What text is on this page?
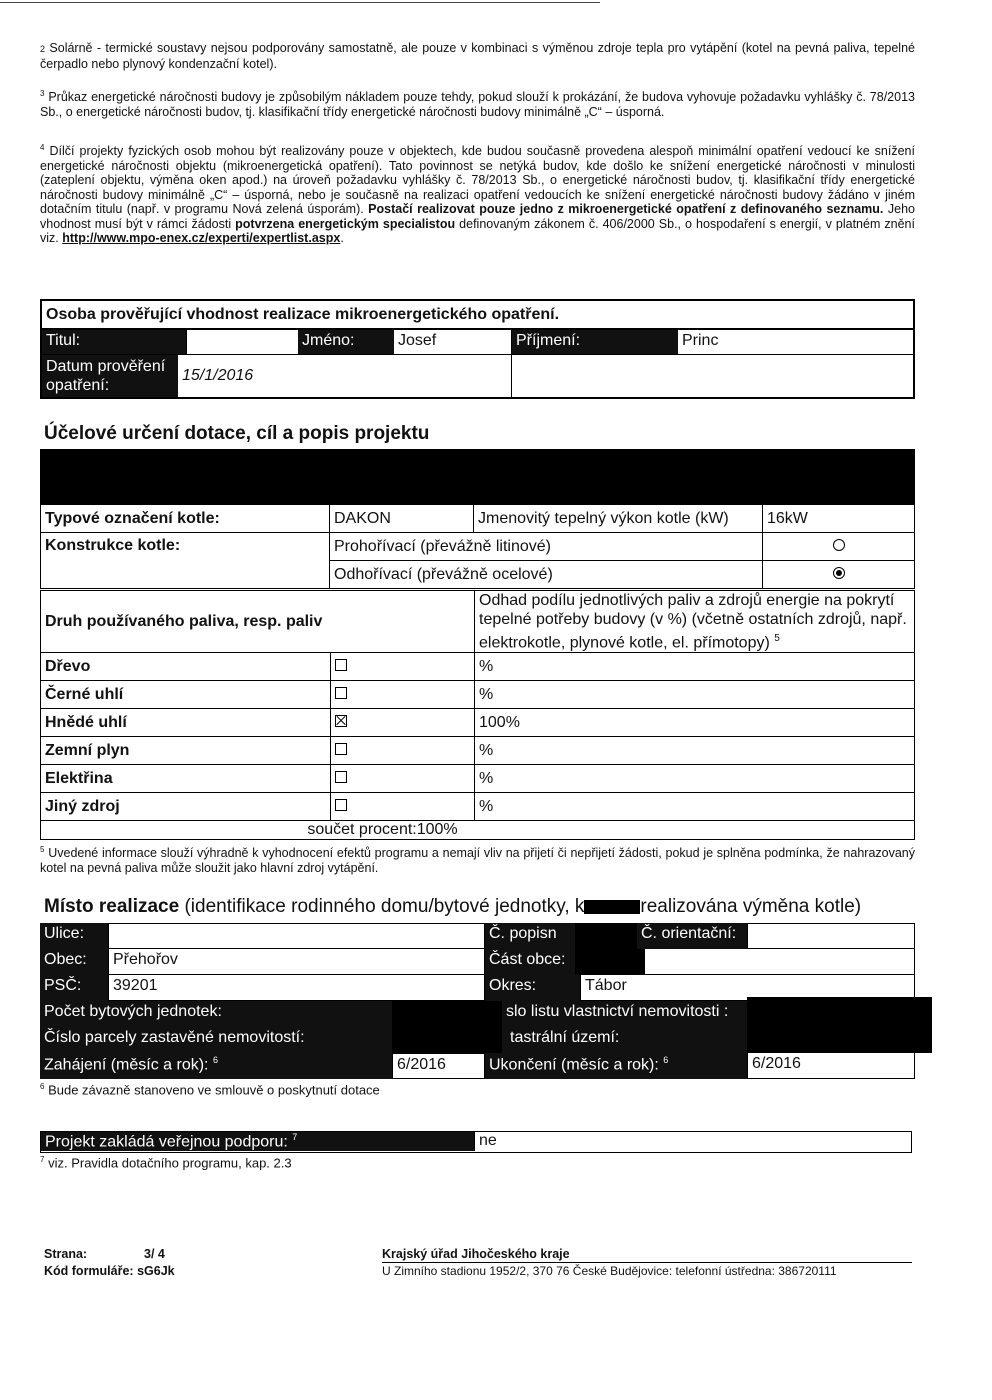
2 Solárně - termické soustavy nejsou podporovány samostatně, ale pouze v kombinaci s výměnou zdroje tepla pro vytápění (kotel na pevná paliva, tepelné čerpadlo nebo plynový kondenzační kotel).
$^3$ Průkaz energetické náročnosti budovy je způsobilým nákladem pouze tehdy, pokud slouží k prokázání, že budova vyhovuje požadavku vyhlášky č. 78/2013 Sb., o energetické náročnosti budov, tj. klasifikační třídy energetické náročnosti budovy minimálně „C“ – úsporná.
$^4$ Dílčí projekty fyzických osob mohou být realizovány pouze v objektech, kde budou současně provedena alespoň minimální opatření vedoucí ke snížení energetické náročnosti objektu (mikroenergetická opatření). Tato povinnost se netýká budov, kde došlo ke snížení energetické náročnosti v minulosti (zateplení objektu, výměna oken apod.) na úroveň požadavku vyhlášky č. 78/2013 Sb., o energetické náročnosti budov, tj. klasifikační třídy energetické náročnosti budovy minimálně „C“ – úsporná, nebo je současně na realizaci opatření vedoucích ke snížení energetické náročnosti budovy žádáno v jiném dotačním titulu (např. v programu Nová zelená úsporám). Postačí realizovat pouze jedno z mikroenergetické opatření z definovaného seznamu. Jeho vhodnost musí být v rámci žádosti potvrzena energetickým specialistou definovaným zákonem č. 406/2000 Sb., o hospodaření s energií, v platném znění viz. http://www.mpo-enex.cz/experti/expertlist.aspx.
Osoba prověřující vhodnost realizace mikroenergetického opatření.
Titul:	Jméno:	Josef	Příjmení:	Princ
Datum prověření opatření:
15/1/2016
Účelové určení dotace, cíl a popis projektu
Typové označení kotle:	DAKON	Jmenovitý tepelný výkon kotle (kW)	16kW
Konstrukce kotle:	Prohořívací (převážně litinové)		
	Odhořívací (převážně ocelové)		
Druh používaného paliva, resp. paliv		Odhad podílu jednotlivých paliv a zdrojů energie na pokrytí tepelné potřeby budovy (v %) (včetně ostatních zdrojů, např. elektrokotle, plynové kotle, el. přímotopy) $^5$
Dřevo		%
Černé uhlí		%
Hnědé uhlí		100%
Zemní plyn		%
Elektřina		%
Jiný zdroj		%
součet procent:100%		
$^5$ Uvedené informace slouží výhradně k vyhodnocení efektů programu a nemají vliv na přijetí či nepřijetí žádosti, pokud je splněna podmínka, že nahrazovaný kotel na pevná paliva může sloužit jako hlavní zdroj vytápění.
Místo realizace (identifikace rodinného domu/bytové jednotky, k	realizována výměna kotle)
Ulice:	Č. popisn	Č. orientační:
Obec:	Přehořov	Část obce:
PSČ:	39201	Okres:	Tábor
Počet bytových jednotek:	slo listu vlastnictví nemovitosti :
Číslo parcely zastavěné nemovitostí:	tastrální území:
Zahájení (měsíc a rok): $^6$	6/2016	Ukončení (měsíc a rok): $^6$	6/2016
$^6$ Bude závazně stanoveno ve smlouvě o poskytnutí dotace
Projekt zakládá veřejnou podporu: $^7$	ne
$^7$ viz. Pravidla dotačního programu, kap. 2.3
Strana:	3/ 4
Kód formuláře: sG6Jk
Krajský úřad Jihočeského kraje
U Zimního stadionu 1952/2, 370 76 České Budějovice: telefonní ústředna: 386720111
